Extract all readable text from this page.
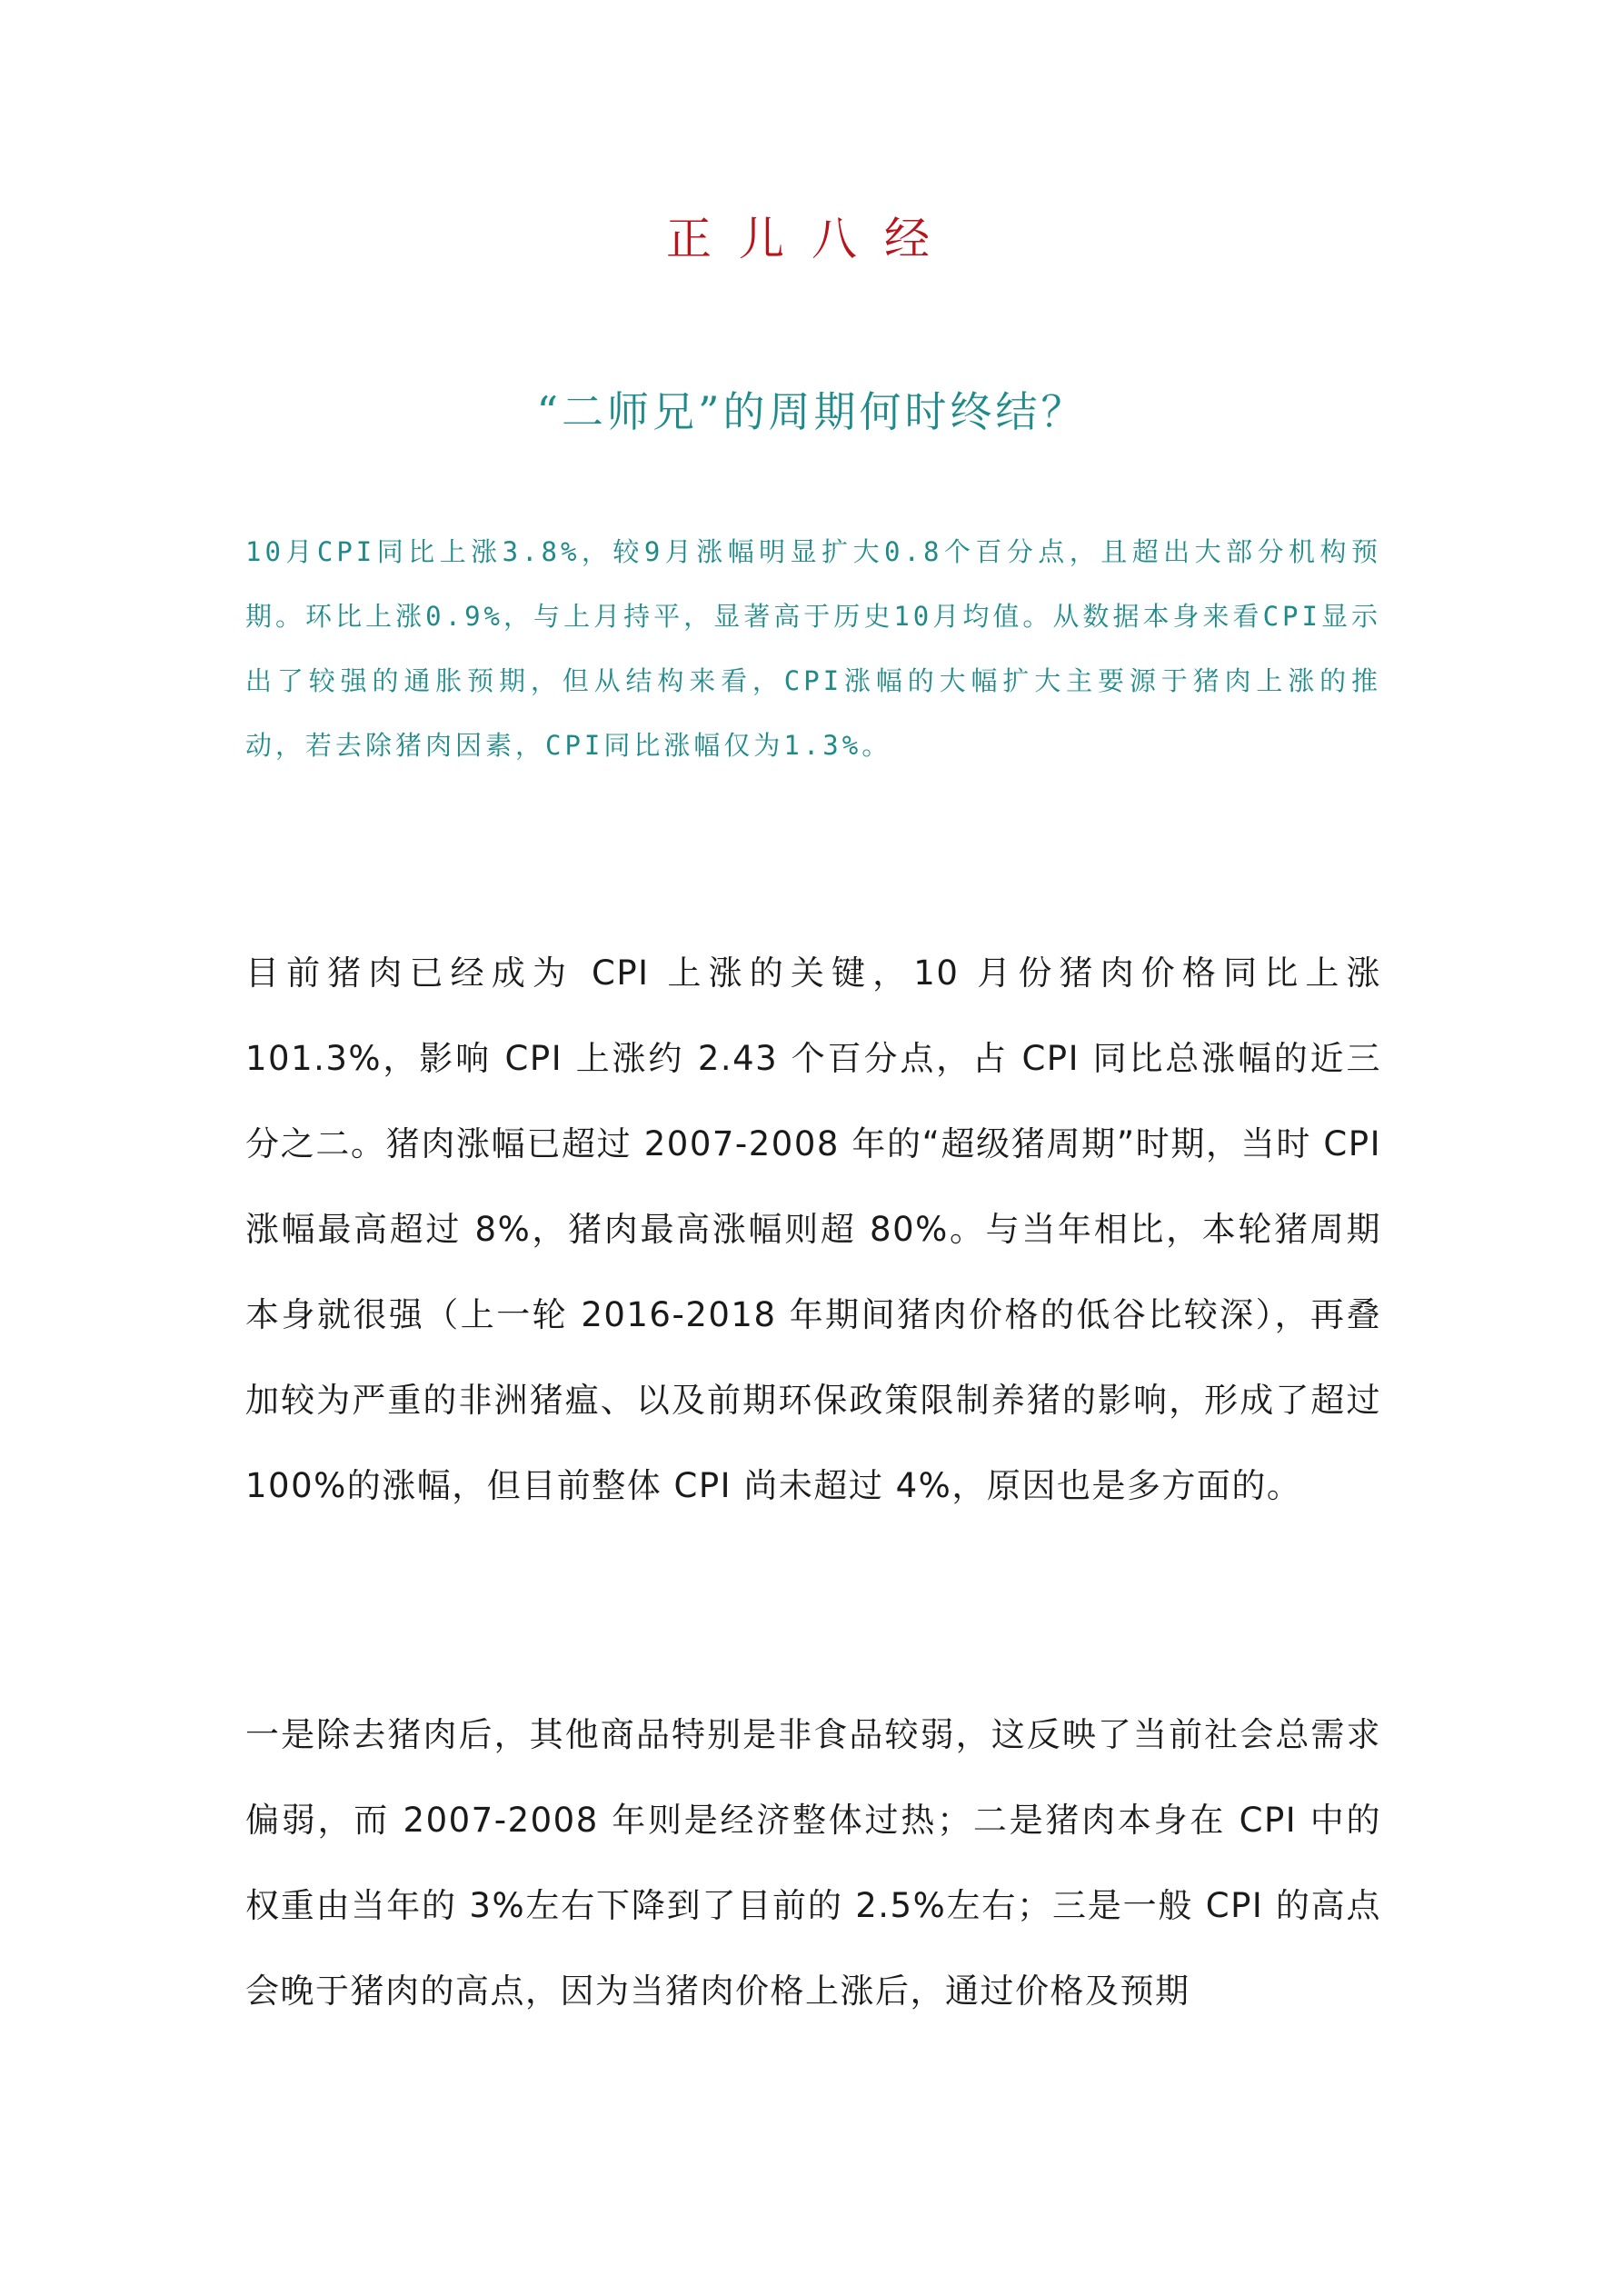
正儿八经
“二师兄”的周期何时终结？
10月CPI同比上涨3.8%，较9月涨幅明显扩大0.8个百分点，且超出大部分机构预期。环比上涨0.9%，与上月持平，显著高于历史10月均值。从数据本身来看CPI显示出了较强的通胀预期，但从结构来看，CPI涨幅的大幅扩大主要源于猪肉上涨的推动，若去除猪肉因素，CPI同比涨幅仅为1.3%。
目前猪肉已经成为 CPI 上涨的关键，10 月份猪肉价格同比上涨 101.3%，影响 CPI 上涨约 2.43 个百分点，占 CPI 同比总涨幅的近三分之二。猪肉涨幅已超过 2007-2008 年的“超级猪周期”时期，当时 CPI 涨幅最高超过 8%，猪肉最高涨幅则超 80%。与当年相比，本轮猪周期本身就很强（上一轮 2016-2018 年期间猪肉价格的低谷比较深），再叠加较为严重的非洲猪瘟、以及前期环保政策限制养猪的影响，形成了超过 100%的涨幅，但目前整体 CPI 尚未超过 4%，原因也是多方面的。
一是除去猪肉后，其他商品特别是非食品较弱，这反映了当前社会总需求偏弱，而 2007-2008 年则是经济整体过热；二是猪肉本身在 CPI 中的权重由当年的 3%左右下降到了目前的 2.5%左右；三是一般 CPI 的高点会晚于猪肉的高点，因为当猪肉价格上涨后，通过价格及预期
